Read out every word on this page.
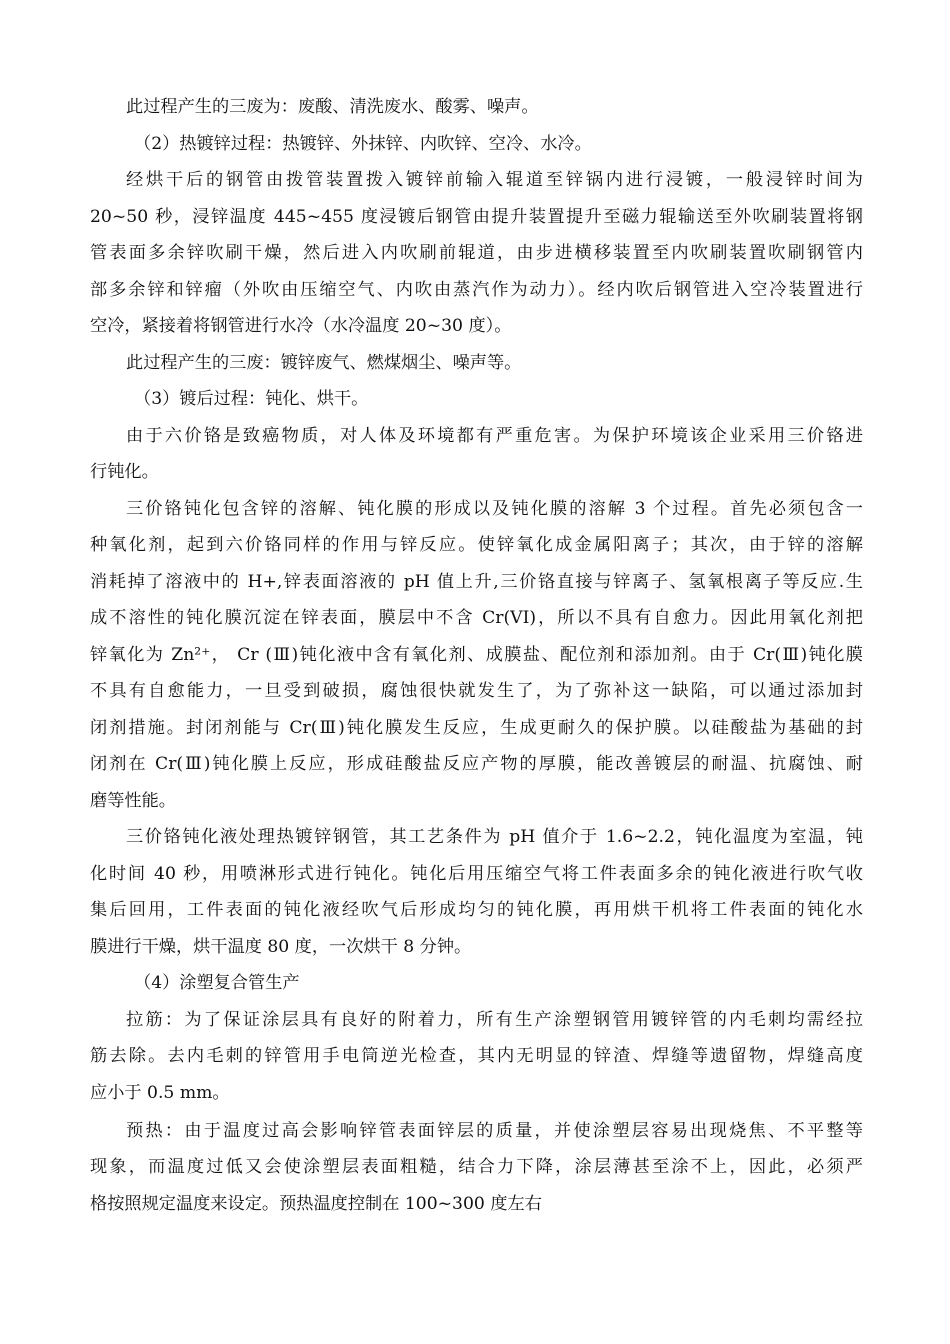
此过程产生的三废为：废酸、清洗废水、酸雾、噪声。

（2）热镀锌过程：热镀锌、外抹锌、内吹锌、空冷、水冷。

经烘干后的钢管由拨管装置拨入镀锌前输入辊道至锌锅内进行浸镀，一般浸锌时间为

20~50 秒，浸锌温度 445~455 度浸镀后钢管由提升装置提升至磁力辊输送至外吹刷装置将钢

管表面多余锌吹刷干燥，然后进入内吹刷前辊道，由步进横移装置至内吹刷装置吹刷钢管内

部多余锌和锌瘤（外吹由压缩空气、内吹由蒸汽作为动力）。经内吹后钢管进入空冷装置进行

空冷，紧接着将钢管进行水冷（水冷温度 20~30 度）。

此过程产生的三废：镀锌废气、燃煤烟尘、噪声等。

（3）镀后过程：钝化、烘干。

由于六价铬是致癌物质，对人体及环境都有严重危害。为保护环境该企业采用三价铬进

行钝化。

三价铬钝化包含锌的溶解、钝化膜的形成以及钝化膜的溶解 3 个过程。首先必须包含一

种氧化剂，起到六价铬同样的作用与锌反应。使锌氧化成金属阳离子；其次，由于锌的溶解

消耗掉了溶液中的 H+,锌表面溶液的 pH 值上升,三价铬直接与锌离子、氢氧根离子等反应.生

成不溶性的钝化膜沉淀在锌表面，膜层中不含 Cr(VI)，所以不具有自愈力。因此用氧化剂把

锌氧化为 Zn²⁺， Cr (Ⅲ)钝化液中含有氧化剂、成膜盐、配位剂和添加剂。由于 Cr(Ⅲ)钝化膜

不具有自愈能力，一旦受到破损，腐蚀很快就发生了，为了弥补这一缺陷，可以通过添加封

闭剂措施。封闭剂能与 Cr(Ⅲ)钝化膜发生反应，生成更耐久的保护膜。以硅酸盐为基础的封

闭剂在 Cr(Ⅲ)钝化膜上反应，形成硅酸盐反应产物的厚膜，能改善镀层的耐温、抗腐蚀、耐

磨等性能。

三价铬钝化液处理热镀锌钢管，其工艺条件为 pH 值介于 1.6~2.2，钝化温度为室温，钝

化时间 40 秒，用喷淋形式进行钝化。钝化后用压缩空气将工件表面多余的钝化液进行吹气收

集后回用，工件表面的钝化液经吹气后形成均匀的钝化膜，再用烘干机将工件表面的钝化水

膜进行干燥，烘干温度 80 度，一次烘干 8 分钟。

（4）涂塑复合管生产

拉筋：为了保证涂层具有良好的附着力，所有生产涂塑钢管用镀锌管的内毛刺均需经拉

筋去除。去内毛刺的锌管用手电筒逆光检查，其内无明显的锌渣、焊缝等遗留物，焊缝高度

应小于 0.5 mm。

预热：由于温度过高会影响锌管表面锌层的质量，并使涂塑层容易出现烧焦、不平整等

现象，而温度过低又会使涂塑层表面粗糙，结合力下降，涂层薄甚至涂不上，因此，必须严

格按照规定温度来设定。预热温度控制在 100~300 度左右
